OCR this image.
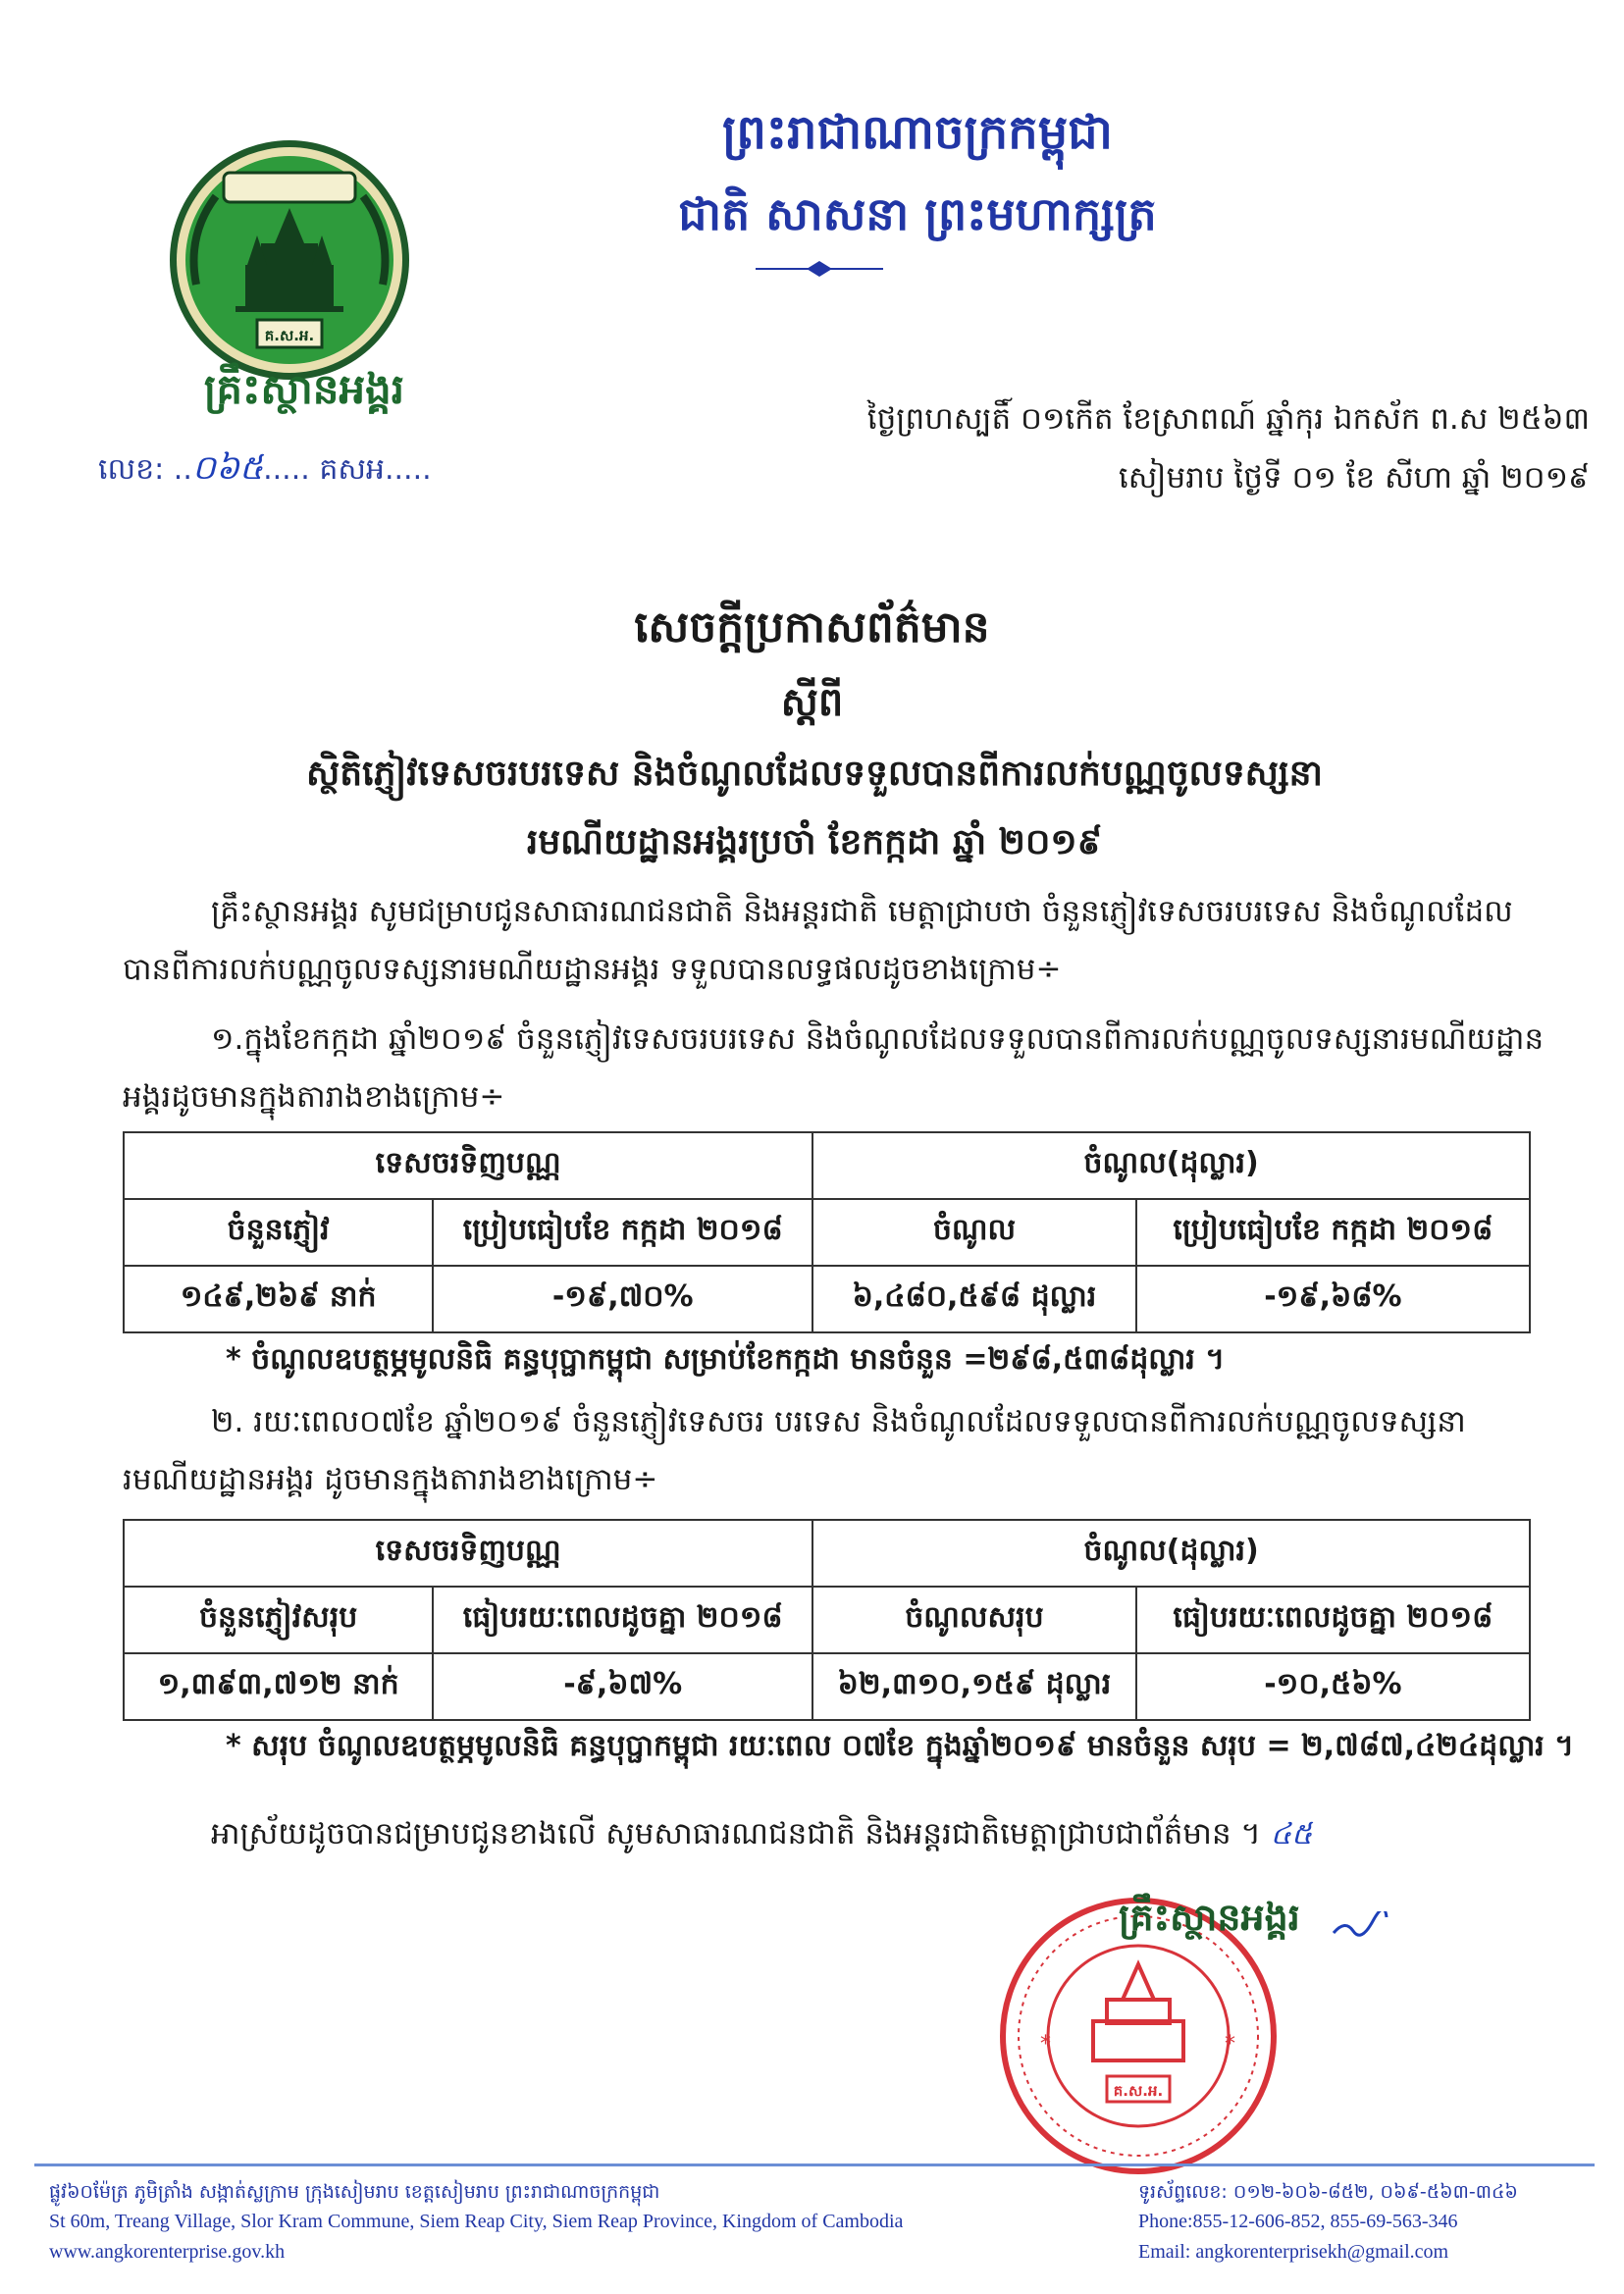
គ.ស.អ.
គ្រឹះស្ថានអង្គរ
លេខ: ..០៦៥..... គសអ.....
ព្រះរាជាណាចក្រកម្ពុជា
ជាតិ សាសនា ព្រះមហាក្សត្រ
ថ្ងៃព្រហស្បតិ៍ ០១កើត ខែស្រាពណ៍ ឆ្នាំកុរ ឯកស័ក ព.ស ២៥៦៣
សៀមរាប ថ្ងៃទី ០១ ខែ សីហា ឆ្នាំ ២០១៩
សេចក្តីប្រកាសព័ត៌មាន
ស្តីពី
ស្ថិតិភ្ញៀវទេសចរបរទេស និងចំណូលដែលទទួលបានពីការលក់បណ្ណចូលទស្សនា
រមណីយដ្ឋានអង្គរប្រចាំ ខែកក្កដា ឆ្នាំ ២០១៩
គ្រឹះស្ថានអង្គរ សូមជម្រាបជូនសាធារណជនជាតិ និងអន្តរជាតិ មេត្តាជ្រាបថា ចំនួនភ្ញៀវទេសចរបរទេស និងចំណូលដែលបានពីការលក់បណ្ណចូលទស្សនារមណីយដ្ឋានអង្គរ ទទួលបានលទ្ធផលដូចខាងក្រោម÷
១.ក្នុងខែកក្កដា ឆ្នាំ២០១៩ ចំនួនភ្ញៀវទេសចរបរទេស និងចំណូលដែលទទួលបានពីការលក់បណ្ណចូលទស្សនារមណីយដ្ឋានអង្គរដូចមានក្នុងតារាងខាងក្រោម÷
ទេសចរទិញបណ្ណ		ចំណូល(ដុល្លារ)	
ចំនួនភ្ញៀវ	ប្រៀបធៀបខែ កក្កដា ២០១៨	ចំណូល	ប្រៀបធៀបខែ កក្កដា ២០១៨
១៤៩,២៦៩ នាក់	-១៩,៧០%	៦,៤៨០,៥៩៨ ដុល្លារ	-១៩,៦៨%
* ចំណូលឧបត្ថម្ភមូលនិធិ គន្ធបុប្ផាកម្ពុជា សម្រាប់ខែកក្កដា មានចំនួន =២៩៨,៥៣៨ដុល្លារ ។
២. រយៈពេល០៧ខែ ឆ្នាំ២០១៩ ចំនួនភ្ញៀវទេសចរ បរទេស និងចំណូលដែលទទួលបានពីការលក់បណ្ណចូលទស្សនារមណីយដ្ឋានអង្គរ ដូចមានក្នុងតារាងខាងក្រោម÷
ទេសចរទិញបណ្ណ		ចំណូល(ដុល្លារ)	
ចំនួនភ្ញៀវសរុប	ធៀបរយៈពេលដូចគ្នា ២០១៨	ចំណូលសរុប	ធៀបរយៈពេលដូចគ្នា ២០១៨
១,៣៩៣,៧១២ នាក់	-៩,៦៧%	៦២,៣១០,១៥៩ ដុល្លារ	-១០,៥៦%
* សរុប ចំណូលឧបត្ថម្ភមូលនិធិ គន្ធបុប្ផាកម្ពុជា រយៈពេល ០៧ខែ ក្នុងឆ្នាំ២០១៩ មានចំនួន សរុប = ២,៧៨៧,៤២៤ដុល្លារ ។
អាស្រ័យដូចបានជម្រាបជូនខាងលើ សូមសាធារណជនជាតិ និងអន្តរជាតិមេត្តាជ្រាបជាព័ត៌មាន ។ ៤៥
គ.ស.អ.
*	*
គ្រឹះស្ថានអង្គរ
ផ្លូវ៦០ម៉ែត្រ ភូមិត្រាំង សង្កាត់ស្លក្រាម ក្រុងសៀមរាប ខេត្តសៀមរាប ព្រះរាជាណាចក្រកម្ពុជា
St 60m, Treang Village, Slor Kram Commune, Siem Reap City, Siem Reap Province, Kingdom of Cambodia
www.angkorenterprise.gov.kh
ទូរស័ព្ទលេខ: ០១២-៦០៦-៨៥២, ០៦៩-៥៦៣-៣៤៦
Phone:855-12-606-852, 855-69-563-346
Email: angkorenterprisekh@gmail.com
